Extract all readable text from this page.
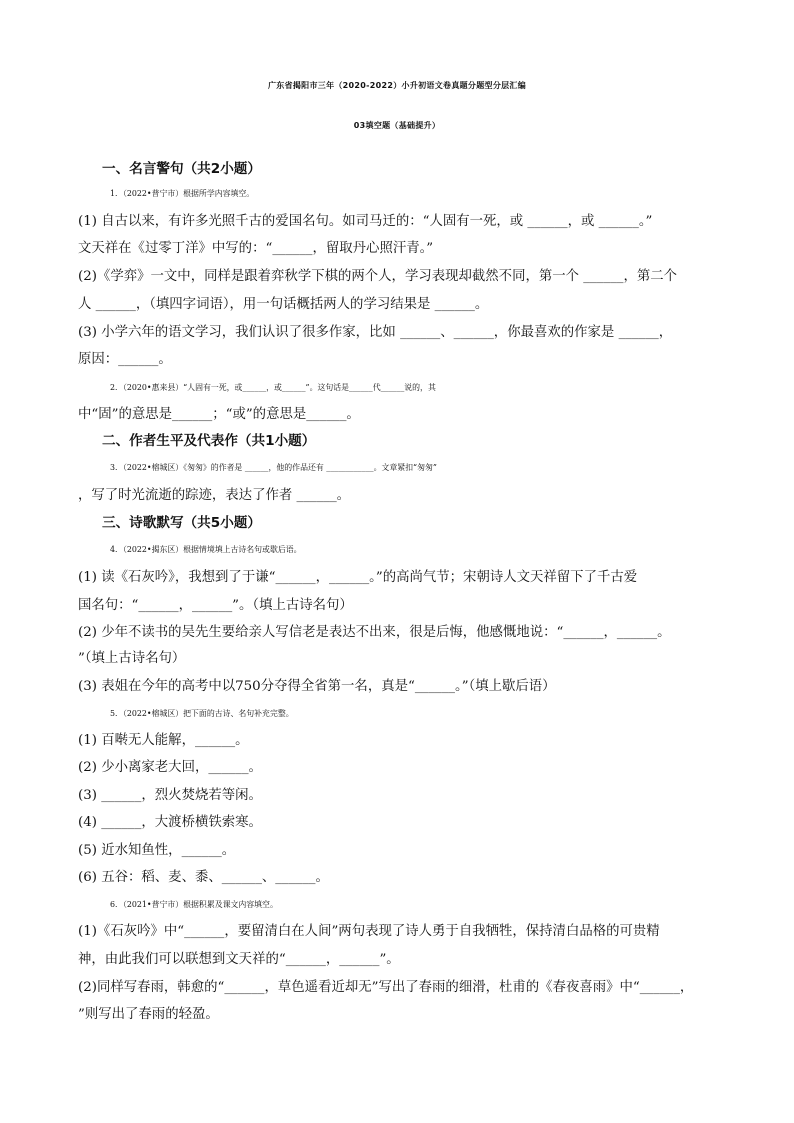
广东省揭阳市三年（2020-2022）小升初语文卷真题分题型分层汇编
03填空题（基础提升）
一、名言警句（共2小题）
1．（2022•普宁市）根据所学内容填空。
(1) 自古以来，有许多光照千古的爱国名句。如司马迁的：“人固有一死，或 ______，或 ______。”
文天祥在《过零丁洋》中写的：“______，留取丹心照汗青。”
(2)《学弈》一文中，同样是跟着弈秋学下棋的两个人，学习表现却截然不同，第一个 ______，第二个
人 ______，（填四字词语），用一句话概括两人的学习结果是 ______。
(3) 小学六年的语文学习，我们认识了很多作家，比如 ______、______，你最喜欢的作家是 ______，
原因：______。
2．（2020•惠来县）“人固有一死，或______，或______”。这句话是______代______说的，其
中“固”的意思是______；“或”的意思是______。
二、作者生平及代表作（共1小题）
3．（2022•榕城区）《匆匆》的作者是 ______，他的作品还有 ____________。文章紧扣“匆匆”
，写了时光流逝的踪迹，表达了作者 ______。
三、诗歌默写（共5小题）
4．（2022•揭东区）根据情境填上古诗名句或歇后语。
(1) 读《石灰吟》，我想到了于谦“______，______。”的高尚气节；宋朝诗人文天祥留下了千古爱
国名句：“______，______”。（填上古诗名句）
(2) 少年不读书的吴先生要给亲人写信老是表达不出来，很是后悔，他感慨地说：“______，______。
”（填上古诗名句）
(3) 表姐在今年的高考中以750分夺得全省第一名，真是“______。”（填上歇后语）
5．（2022•榕城区）把下面的古诗、名句补充完整。
(1) 百啭无人能解，______。
(2) 少小离家老大回，______。
(3) ______，烈火焚烧若等闲。
(4) ______，大渡桥横铁索寒。
(5) 近水知鱼性，______。
(6) 五谷：稻、麦、黍、______、______。
6．（2021•普宁市）根据积累及课文内容填空。
(1)《石灰吟》中“______，要留清白在人间”两句表现了诗人勇于自我牺牲，保持清白品格的可贵精
神，由此我们可以联想到文天祥的“______，______”。
(2)同样写春雨，韩愈的“______，草色遥看近却无”写出了春雨的细滑，杜甫的《春夜喜雨》中“______，
”则写出了春雨的轻盈。
